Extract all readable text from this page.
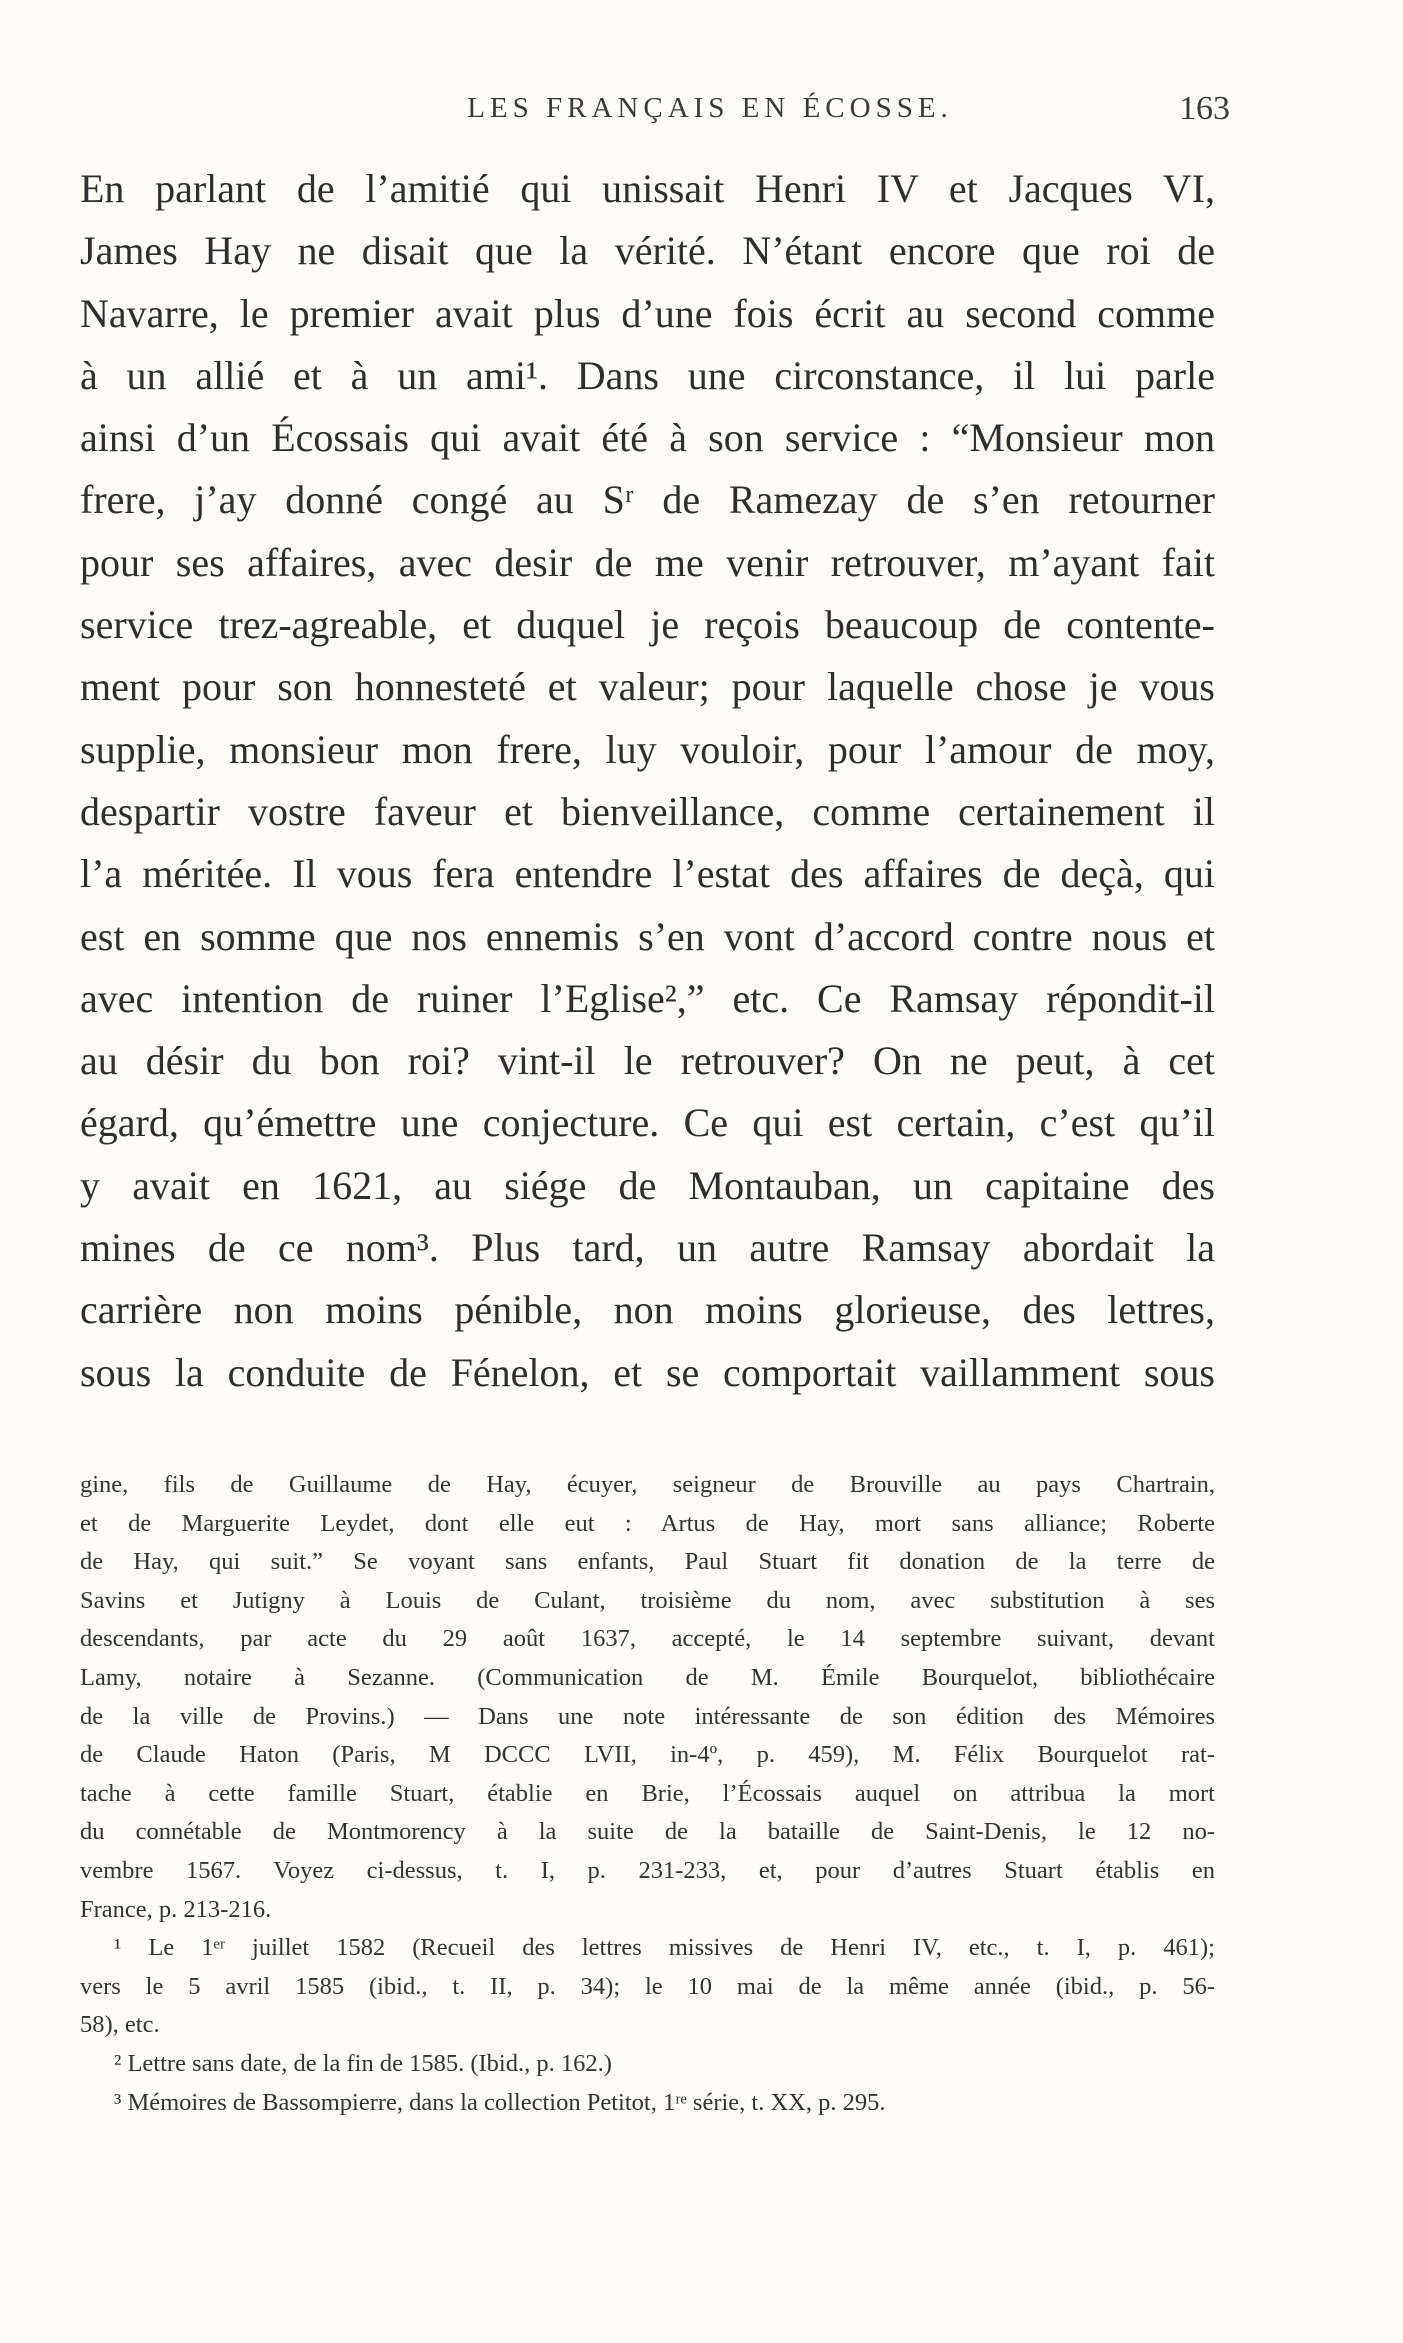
LES FRANÇAIS EN ÉCOSSE.	163
En parlant de l’amitié qui unissait Henri IV et Jacques VI,
James Hay ne disait que la vérité. N’étant encore que roi de
Navarre, le premier avait plus d’une fois écrit au second comme
à un allié et à un ami¹. Dans une circonstance, il lui parle
ainsi d’un Écossais qui avait été à son service : “Monsieur mon
frere, j’ay donné congé au Sʳ de Ramezay de s’en retourner
pour ses affaires, avec desir de me venir retrouver, m’ayant fait
service trez-agreable, et duquel je reçois beaucoup de contente-
ment pour son honnesteté et valeur; pour laquelle chose je vous
supplie, monsieur mon frere, luy vouloir, pour l’amour de moy,
despartir vostre faveur et bienveillance, comme certainement il
l’a méritée. Il vous fera entendre l’estat des affaires de deçà, qui
est en somme que nos ennemis s’en vont d’accord contre nous et
avec intention de ruiner l’Eglise²,” etc. Ce Ramsay répondit-il
au désir du bon roi? vint-il le retrouver? On ne peut, à cet
égard, qu’émettre une conjecture. Ce qui est certain, c’est qu’il
y avait en 1621, au siége de Montauban, un capitaine des
mines de ce nom³. Plus tard, un autre Ramsay abordait la
carrière non moins pénible, non moins glorieuse, des lettres,
sous la conduite de Fénelon, et se comportait vaillamment sous
gine, fils de Guillaume de Hay, écuyer, seigneur de Brouville au pays Chartrain,
et de Marguerite Leydet, dont elle eut : Artus de Hay, mort sans alliance; Roberte
de Hay, qui suit.” Se voyant sans enfants, Paul Stuart fit donation de la terre de
Savins et Jutigny à Louis de Culant, troisième du nom, avec substitution à ses
descendants, par acte du 29 août 1637, accepté, le 14 septembre suivant, devant
Lamy, notaire à Sezanne. (Communication de M. Émile Bourquelot, bibliothécaire
de la ville de Provins.) — Dans une note intéressante de son édition des Mémoires
de Claude Haton (Paris, M DCCC LVII, in-4º, p. 459), M. Félix Bourquelot rat-
tache à cette famille Stuart, établie en Brie, l’Écossais auquel on attribua la mort
du connétable de Montmorency à la suite de la bataille de Saint-Denis, le 12 no-
vembre 1567. Voyez ci-dessus, t. I, p. 231-233, et, pour d’autres Stuart établis en
France, p. 213-216.
¹ Le 1ᵉʳ juillet 1582 (Recueil des lettres missives de Henri IV, etc., t. I, p. 461);
vers le 5 avril 1585 (ibid., t. II, p. 34); le 10 mai de la même année (ibid., p. 56-
58), etc.
² Lettre sans date, de la fin de 1585. (Ibid., p. 162.)
³ Mémoires de Bassompierre, dans la collection Petitot, 1ʳᵉ série, t. XX, p. 295.
